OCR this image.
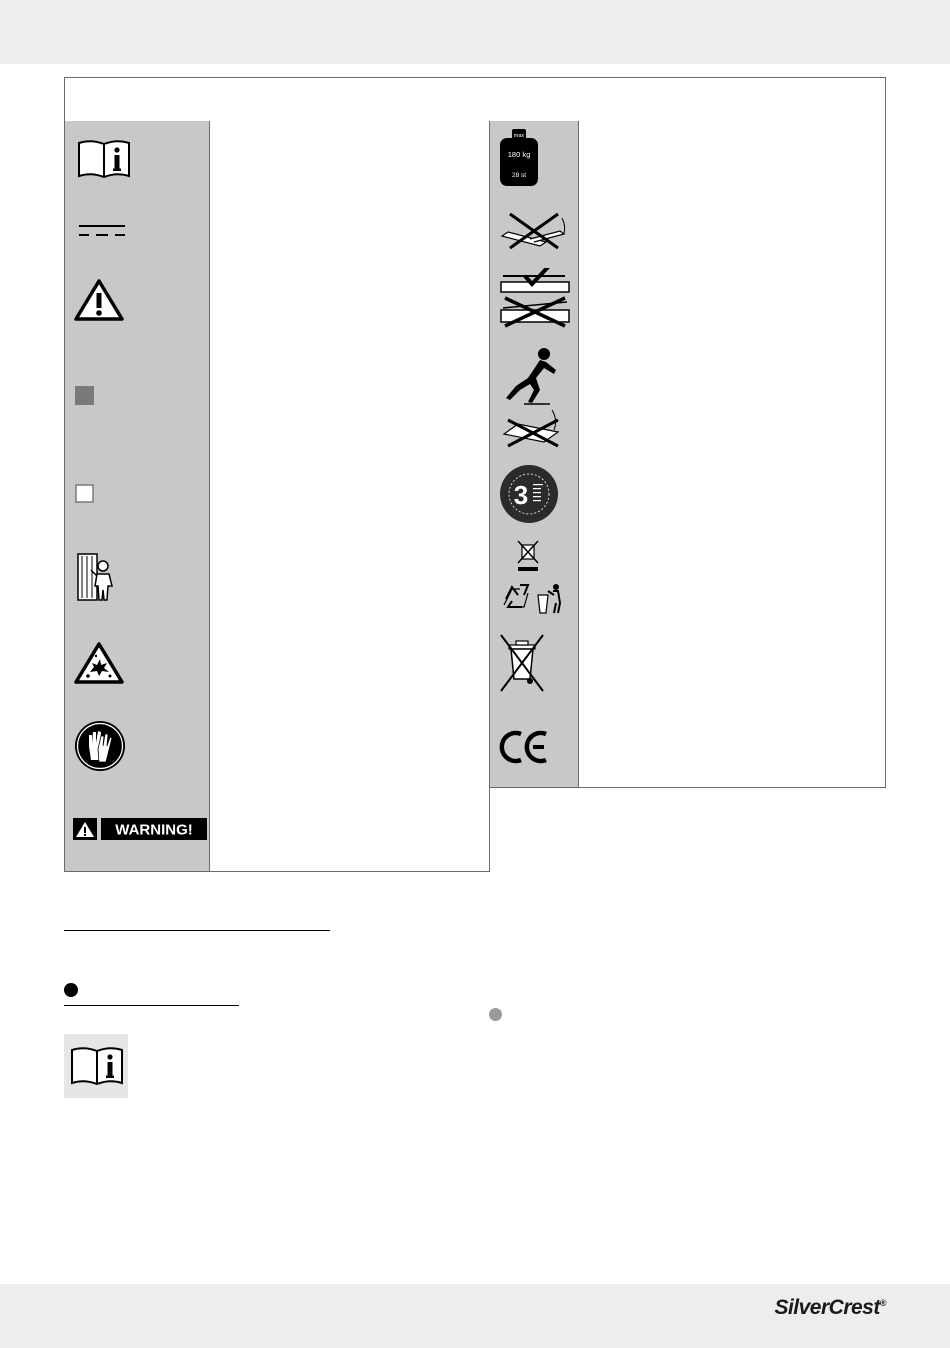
WARNING!
max
180 kg
28 st
3
SilverCrest®
